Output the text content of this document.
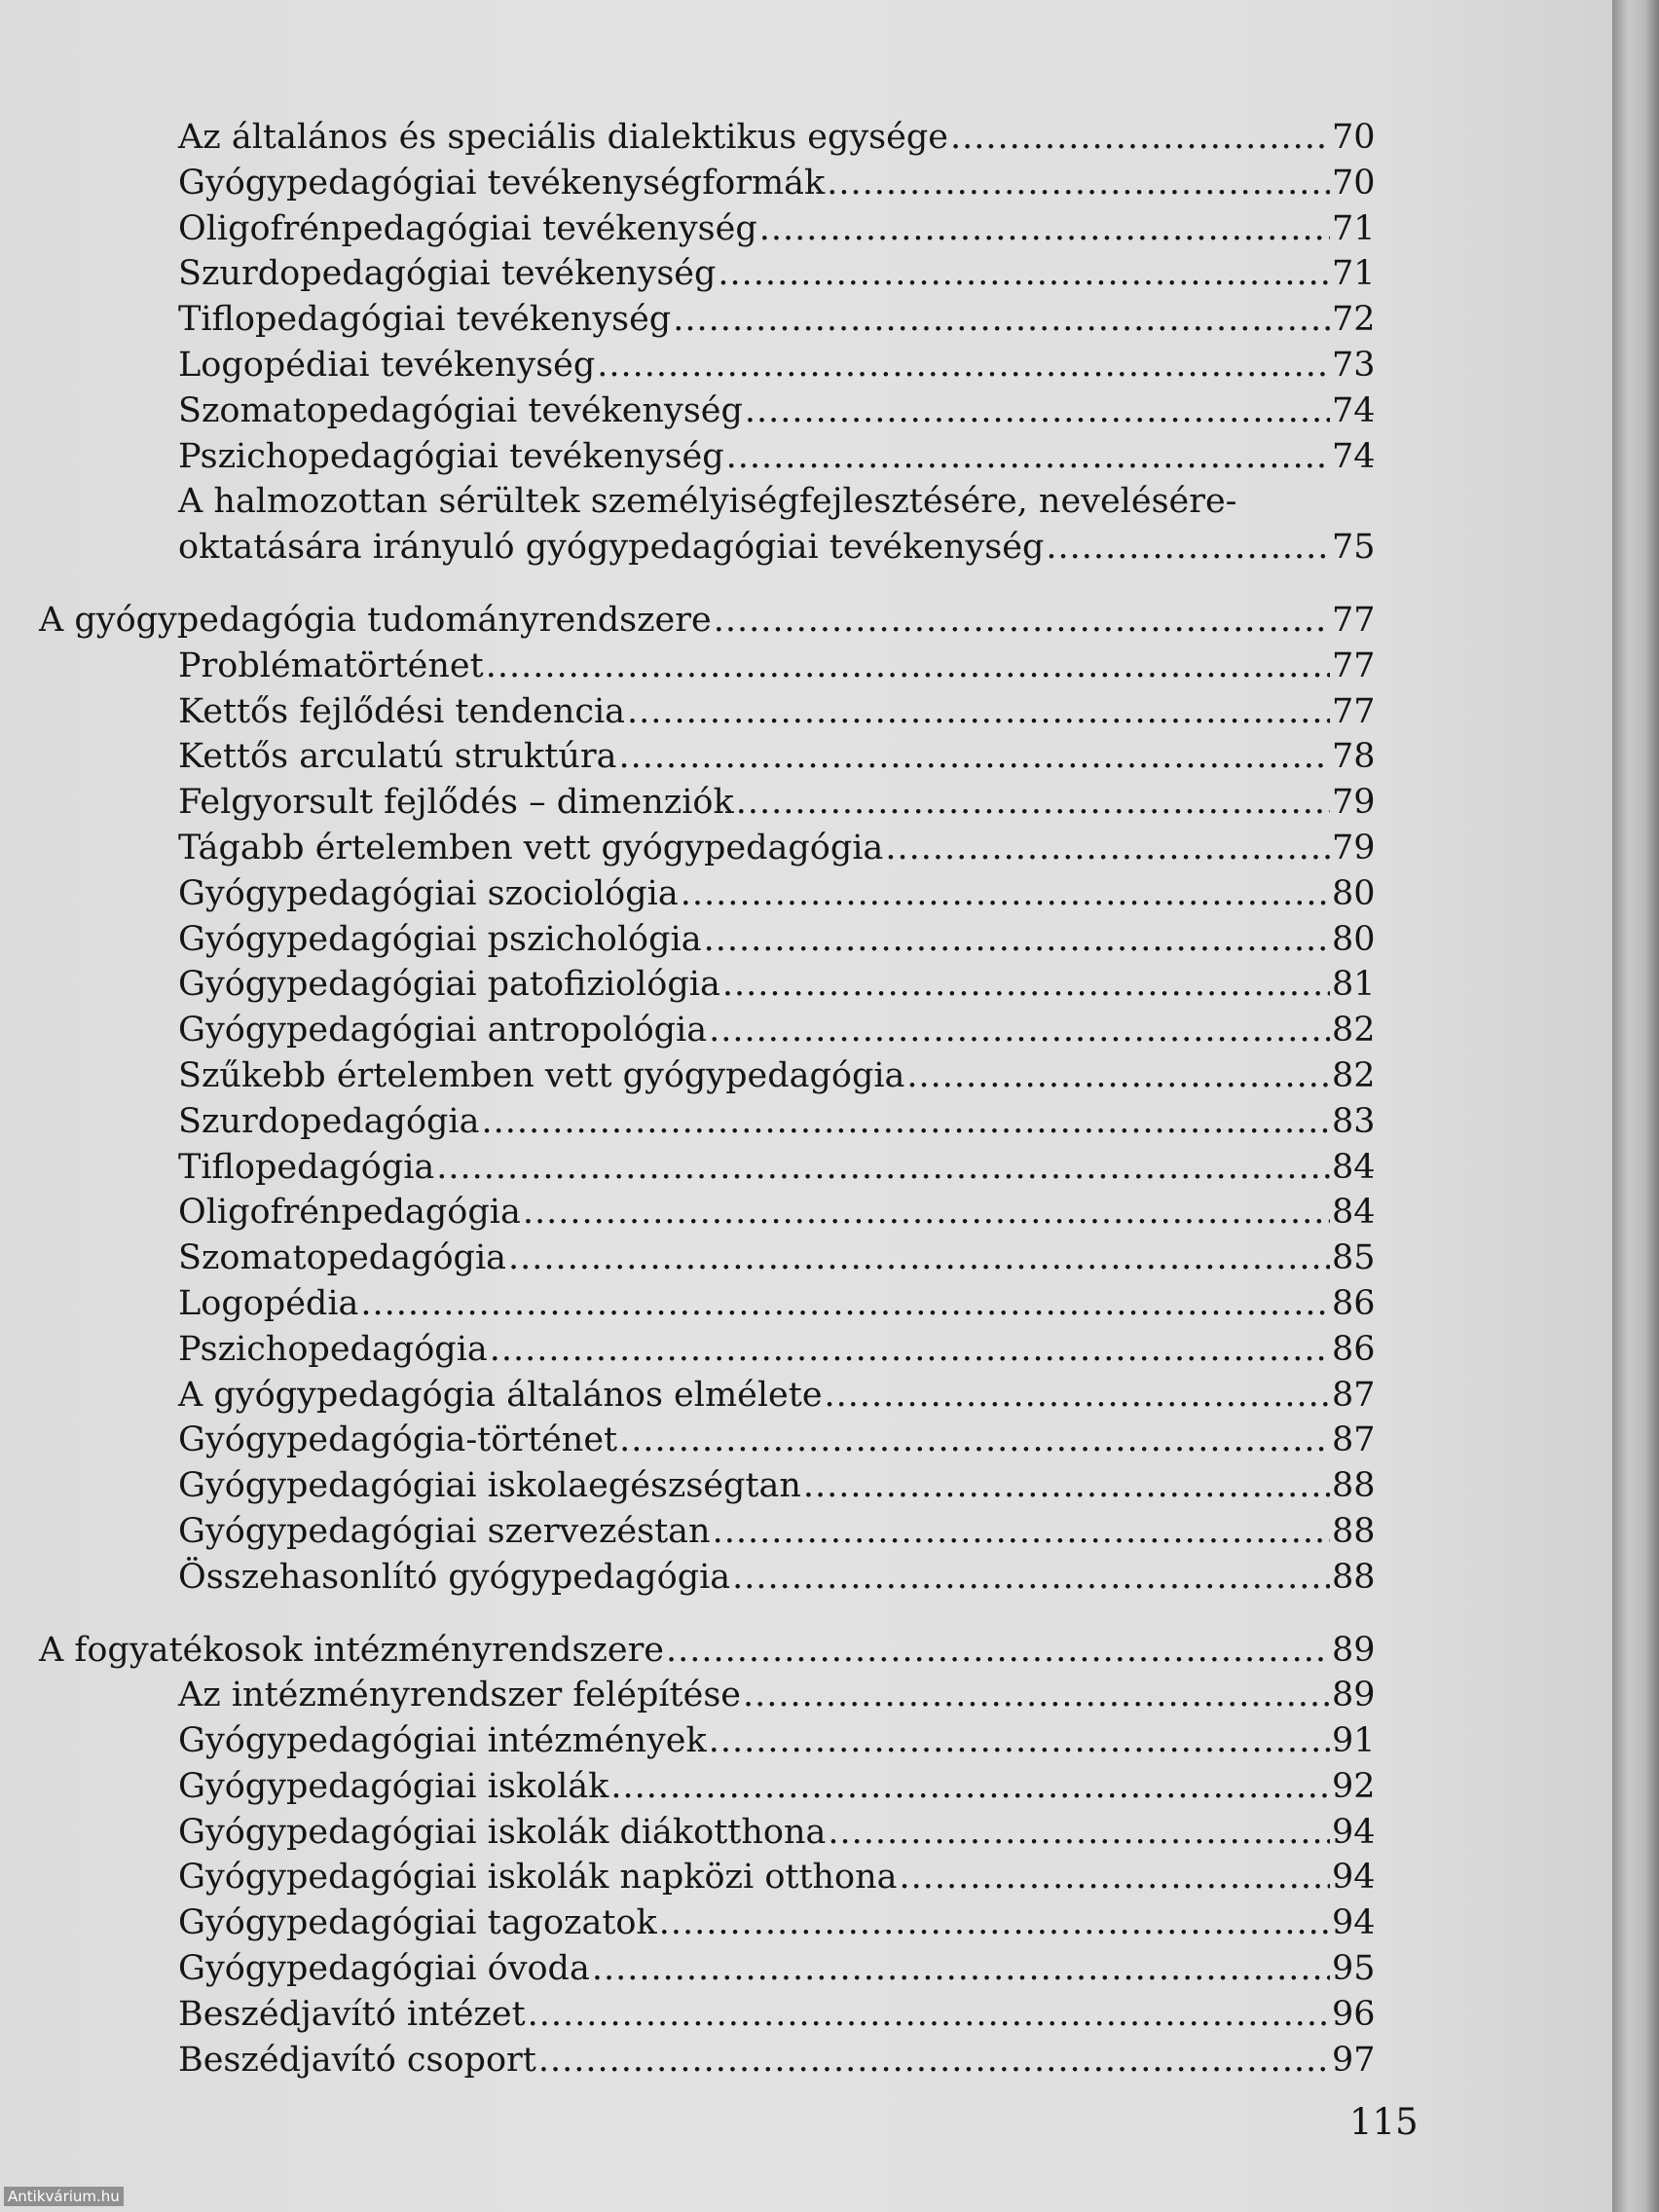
Az általános és speciális dialektikus egysége .....	70
Gyógypedagógiai tevékenységformák .....	70
Oligofrénpedagógiai tevékenység .....	71
Szurdopedagógiai tevékenység .....	71
Tiflopedagógiai tevékenység .....	72
Logopédiai tevékenység .....	73
Szomatopedagógiai tevékenység .....	74
Pszichopedagógiai tevékenység .....	74
A halmozottan sérültek személyiségfejlesztésére, nevelésére-
oktatására irányuló gyógypedagógiai tevékenység .....	75
A gyógypedagógia tudományrendszere .....	77
Problématörténet .....	77
Kettős fejlődési tendencia .....	77
Kettős arculatú struktúra .....	78
Felgyorsult fejlődés – dimenziók .....	79
Tágabb értelemben vett gyógypedagógia .....	79
Gyógypedagógiai szociológia .....	80
Gyógypedagógiai pszichológia .....	80
Gyógypedagógiai patofiziológia .....	81
Gyógypedagógiai antropológia .....	82
Szűkebb értelemben vett gyógypedagógia .....	82
Szurdopedagógia .....	83
Tiflopedagógia .....	84
Oligofrénpedagógia .....	84
Szomatopedagógia .....	85
Logopédia .....	86
Pszichopedagógia .....	86
A gyógypedagógia általános elmélete .....	87
Gyógypedagógia-történet .....	87
Gyógypedagógiai iskolaegészségtan .....	88
Gyógypedagógiai szervezéstan .....	88
Összehasonlító gyógypedagógia .....	88
A fogyatékosok intézményrendszere .....	89
Az intézményrendszer felépítése .....	89
Gyógypedagógiai intézmények .....	91
Gyógypedagógiai iskolák .....	92
Gyógypedagógiai iskolák diákotthona .....	94
Gyógypedagógiai iskolák napközi otthona .....	94
Gyógypedagógiai tagozatok .....	94
Gyógypedagógiai óvoda .....	95
Beszédjavító intézet .....	96
Beszédjavító csoport .....	97
115
Antikvárium.hu
